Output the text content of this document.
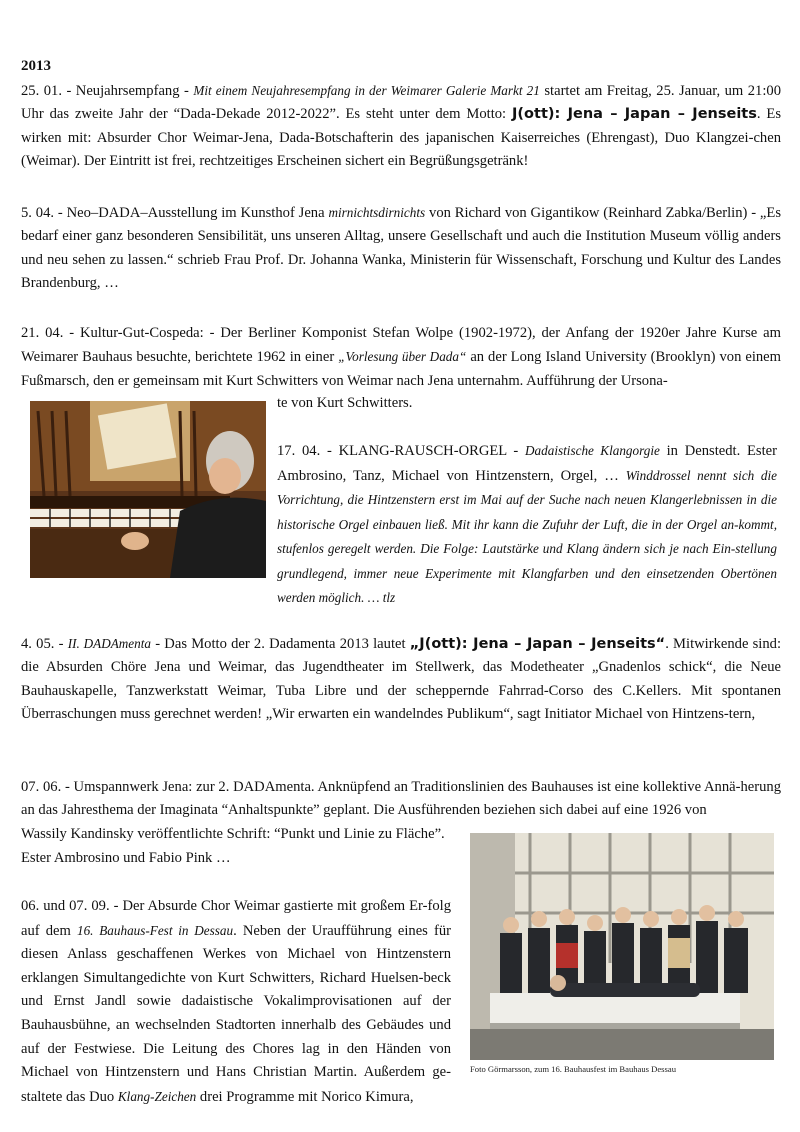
2013
25. 01. - Neujahrsempfang - Mit einem Neujahresempfang in der Weimarer Galerie Markt 21 startet am Freitag, 25. Januar, um 21:00 Uhr das zweite Jahr der “Dada-Dekade 2012-2022”. Es steht unter dem Motto: J(ott): Jena – Japan – Jenseits. Es wirken mit: Absurder Chor Weimar-Jena, Dada-Botschafterin des japanischen Kaiserreiches (Ehrengast), Duo Klangzei-chen (Weimar). Der Eintritt ist frei, rechtzeitiges Erscheinen sichert ein Begrüßungsgetränk!
5. 04. - Neo–DADA–Ausstellung im Kunsthof Jena mirnichtsdirnichts von Richard von Gigantikow (Reinhard Zabka/Berlin) - „Es bedarf einer ganz besonderen Sensibilität, uns unseren Alltag, unsere Gesellschaft und auch die Institution Museum völlig anders und neu sehen zu lassen.“ schrieb Frau Prof. Dr. Johanna Wanka, Ministerin für Wissenschaft, Forschung und Kultur des Landes Brandenburg, …
21. 04. - Kultur-Gut-Cospeda: - Der Berliner Komponist Stefan Wolpe (1902-1972), der Anfang der 1920er Jahre Kurse am Weimarer Bauhaus besuchte, berichtete 1962 in einer „Vorlesung über Dada“ an der Long Island University (Brooklyn) von einem Fußmarsch, den er gemeinsam mit Kurt Schwitters von Weimar nach Jena unternahm. Aufführung der Ursona-
te von Kurt Schwitters.
17. 04. - KLANG-RAUSCH-ORGEL - Dadaistische Klangorgie in Denstedt. Ester Ambrosino, Tanz, Michael von Hintzenstern, Orgel, … Winddrossel nennt sich die Vorrichtung, die Hintzenstern erst im Mai auf der Suche nach neuen Klangerlebnissen in die historische Orgel einbauen ließ. Mit ihr kann die Zufuhr der Luft, die in der Orgel an-kommt, stufenlos geregelt werden. Die Folge: Lautstärke und Klang ändern sich je nach Ein-stellung grundlegend, immer neue Experimente mit Klangfarben und den einsetzenden Obertönen werden möglich. … tlz
4. 05. - II. DADAmenta - Das Motto der 2. Dadamenta 2013 lautet „J(ott): Jena – Japan – Jenseits“. Mitwirkende sind: die Absurden Chöre Jena und Weimar, das Jugendtheater im Stellwerk, das Modetheater „Gnadenlos schick“, die Neue Bauhauskapelle, Tanzwerkstatt Weimar, Tuba Libre und der scheppernde Fahrrad-Corso des C.Kellers. Mit spontanen Überraschungen muss gerechnet werden! „Wir erwarten ein wandelndes Publikum“, sagt Initiator Michael von Hintzens-tern,
07. 06. - Umspannwerk Jena: zur 2. DADAmenta. Anknüpfend an Traditionslinien des Bauhauses ist eine kollektive Annä-herung an das Jahresthema der Imaginata “Anhaltspunkte” geplant. Die Ausführenden beziehen sich dabei auf eine 1926 von
Wassily Kandinsky veröffentlichte Schrift: “Punkt und Linie zu Fläche”.
Ester Ambrosino und Fabio Pink …
Foto Görmarsson, zum 16. Bauhausfest im Bauhaus Dessau
06. und 07. 09. - Der Absurde Chor Weimar gastierte mit großem Er-folg auf dem 16. Bauhaus-Fest in Dessau. Neben der Uraufführung eines für diesen Anlass geschaffenen Werkes von Michael von Hintzenstern erklangen Simultangedichte von Kurt Schwitters, Richard Huelsen-beck und Ernst Jandl sowie dadaistische Vokalimprovisationen auf der Bauhausbühne, an wechselnden Stadtorten innerhalb des Gebäudes und auf der Festwiese. Die Leitung des Chores lag in den Händen von Michael von Hintzenstern und Hans Christian Martin. Außerdem ge-staltete das Duo Klang-Zeichen drei Programme mit Norico Kimura,
